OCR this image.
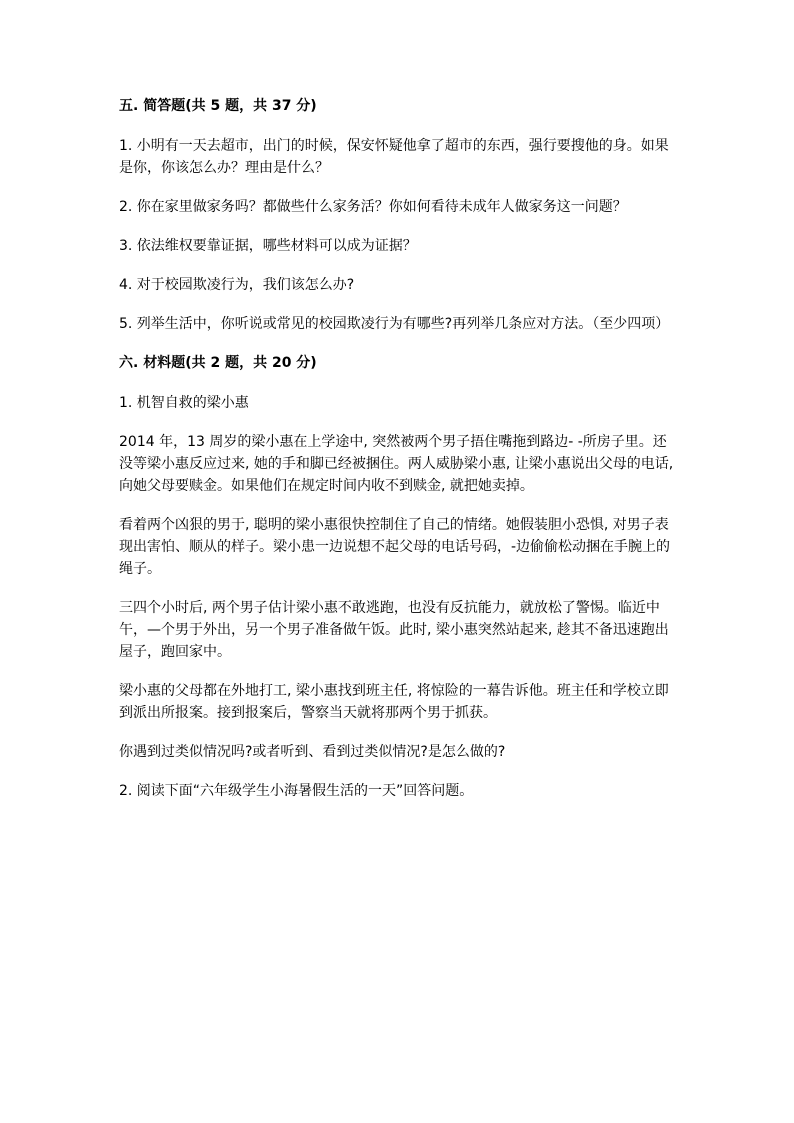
五. 简答题(共 5 题，共 37 分)
1. 小明有一天去超市，出门的时候，保安怀疑他拿了超市的东西，强行要搜他的身。如果是你，你该怎么办？理由是什么？
2. 你在家里做家务吗？都做些什么家务活？你如何看待未成年人做家务这一问题？
3. 依法维权要靠证据，哪些材料可以成为证据？
4. 对于校园欺凌行为，我们该怎么办?
5. 列举生活中，你听说或常见的校园欺凌行为有哪些?再列举几条应对方法。（至少四项）
六. 材料题(共 2 题，共 20 分)
1. 机智自救的梁小惠
2014 年，13 周岁的梁小惠在上学途中, 突然被两个男子捂住嘴拖到路边- -所房子里。还没等梁小惠反应过来, 她的手和脚已经被捆住。两人威胁梁小惠, 让梁小惠说出父母的电话, 向她父母要赎金。如果他们在规定时间内收不到赎金, 就把她卖掉。
看着两个凶狠的男于, 聪明的梁小惠很快控制住了自己的情绪。她假装胆小恐惧, 对男子表现出害怕、顺从的样子。梁小患一边说想不起父母的电话号码，-边偷偷松动捆在手腕上的绳子。
三四个小时后, 两个男子估计梁小惠不敢逃跑，也没有反抗能力，就放松了警惕。临近中午，—个男于外出，另一个男子准备做午饭。此时, 梁小惠突然站起来, 趁其不备迅速跑出屋子，跑回家中。
梁小惠的父母都在外地打工, 梁小惠找到班主任, 将惊险的一幕告诉他。班主任和学校立即到派出所报案。接到报案后，警察当天就将那两个男于抓获。
你遇到过类似情况吗?或者听到、看到过类似情况?是怎么做的?
2. 阅读下面“六年级学生小海暑假生活的一天”回答问题。
